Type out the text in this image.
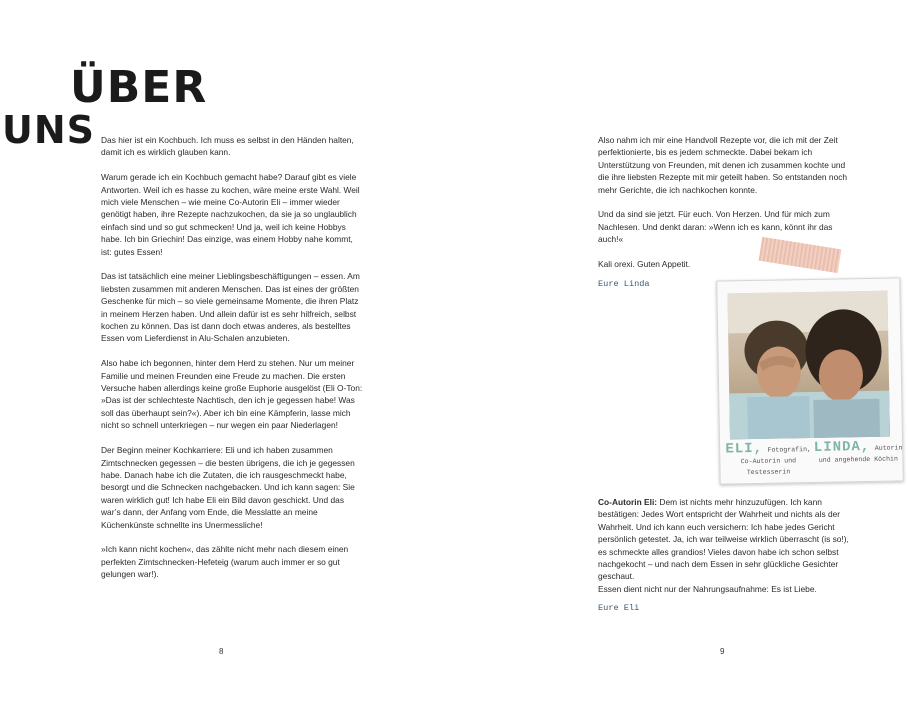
ÜBER
UNS Das hier ist ein Kochbuch. Ich muss es selbst in den Händen halten, damit ich es wirklich glauben kann.

Warum gerade ich ein Kochbuch gemacht habe? Darauf gibt es viele Antworten. Weil ich es hasse zu kochen, wäre meine erste Wahl. Weil mich viele Menschen – wie meine Co-Autorin Eli – immer wieder genötigt haben, ihre Rezepte nachzukochen, da sie ja so unglaublich einfach sind und so gut schmecken! Und ja, weil ich keine Hobbys habe. Ich bin Griechin! Das einzige, was einem Hobby nahe kommt, ist: gutes Essen!

Das ist tatsächlich eine meiner Lieblingsbeschäftigungen – essen. Am liebsten zusammen mit anderen Menschen. Das ist eines der größten Geschenke für mich – so viele gemeinsame Momente, die ihren Platz in meinem Herzen haben. Und allein dafür ist es sehr hilfreich, selbst kochen zu können. Das ist dann doch etwas anderes, als bestelltes Essen vom Lieferdienst in Alu-Schalen anzubieten.

Also habe ich begonnen, hinter dem Herd zu stehen. Nur um meiner Familie und meinen Freunden eine Freude zu machen. Die ersten Versuche haben allerdings keine große Euphorie ausgelöst (Eli O-Ton: »Das ist der schlechteste Nachtisch, den ich je gegessen habe! Was soll das überhaupt sein?«). Aber ich bin eine Kämpferin, lasse mich nicht so schnell unterkriegen – nur wegen ein paar Niederlagen!

Der Beginn meiner Kochkarriere: Eli und ich haben zusammen Zimtschnecken gegessen – die besten übrigens, die ich je gegessen habe. Danach habe ich die Zutaten, die ich rausgeschmeckt habe, besorgt und die Schnecken nachgebacken. Und ich kann sagen: Sie waren wirklich gut! Ich habe Eli ein Bild davon geschickt. Und das war’s dann, der Anfang vom Ende, die Messlatte an meine Küchenkünste schnellte ins Unermessliche!

»Ich kann nicht kochen«, das zählte nicht mehr nach diesem einen perfekten Zimtschnecken-Hefeteig (warum auch immer er so gut gelungen war!).

Also nahm ich mir eine Handvoll Rezepte vor, die ich mit der Zeit perfektionierte, bis es jedem schmeckte. Dabei bekam ich Unterstützung von Freunden, mit denen ich zusammen kochte und die ihre liebsten Rezepte mit mir geteilt haben. So entstanden noch mehr Gerichte, die ich nachkochen konnte.

Und da sind sie jetzt. Für euch. Von Herzen. Und für mich zum Nachlesen. Und denkt daran: »Wenn ich es kann, könnt ihr das auch!«

Kali orexi. Guten Appetit.

Eure Linda

ELI, Fotografin, Co-Autorin und Testesserin
LINDA, Autorin und angehende Köchin

Co-Autorin Eli: Dem ist nichts mehr hinzuzufügen. Ich kann bestätigen: Jedes Wort entspricht der Wahrheit und nichts als der Wahrheit. Und ich kann euch versichern: Ich habe jedes Gericht persönlich getestet. Ja, ich war teilweise wirklich überrascht (is so!), es schmeckte alles grandios! Vieles davon habe ich schon selbst nachgekocht – und nach dem Essen in sehr glückliche Gesichter geschaut.

Essen dient nicht nur der Nahrungsaufnahme: Es ist Liebe.

Eure Eli

8	9
